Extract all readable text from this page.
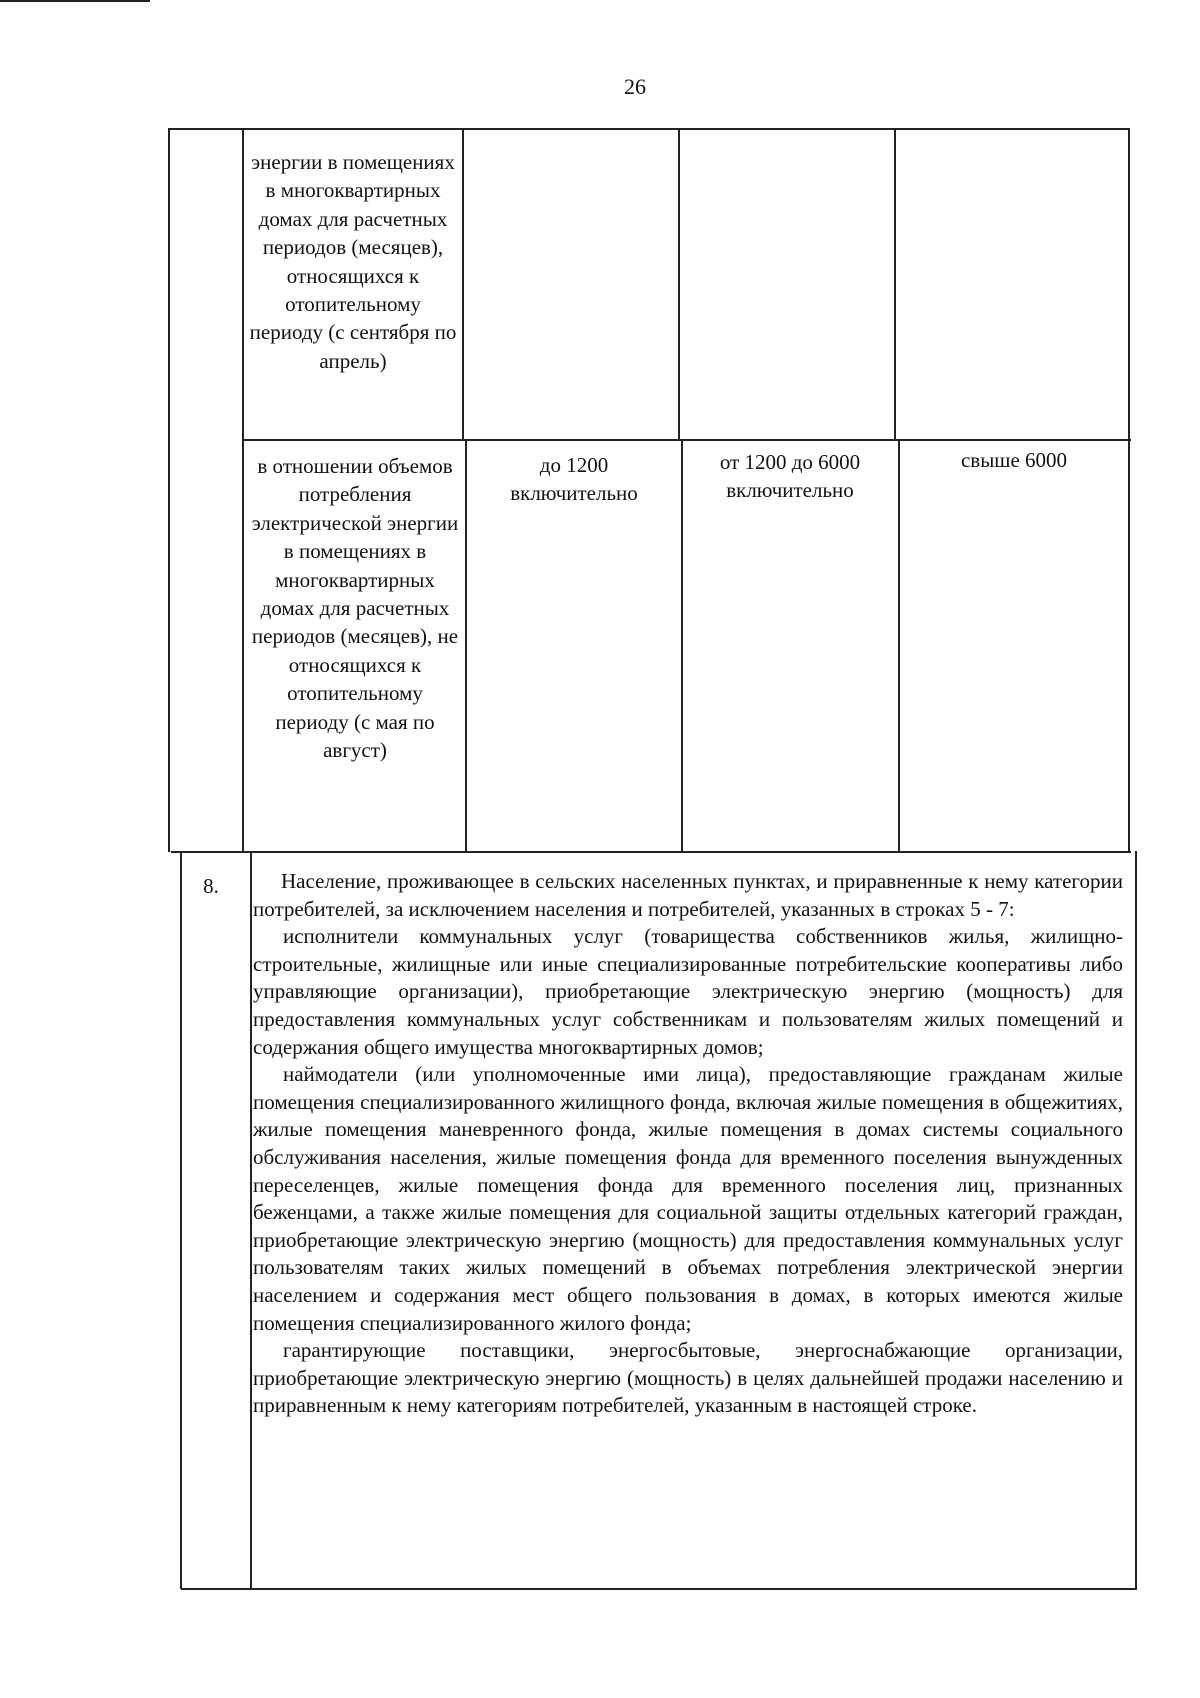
26
энергии в помещениях в многоквартирных домах для расчетных периодов (месяцев), относящихся к отопительному периоду (с сентября по апрель)
в отношении объемов потребления электрической энергии в помещениях в многоквартирных домах для расчетных периодов (месяцев), не относящихся к отопительному периоду (с мая по август)
до 1200 включительно
от 1200 до 6000 включительно
свыше 6000
8.	Население, проживающее в сельских населенных пунктах, и приравненные к нему категории потребителей, за исключением населения и потребителей, указанных в строках 5 - 7:

исполнители коммунальных услуг (товарищества собственников жилья, жилищно-строительные, жилищные или иные специализированные потребительские кооперативы либо управляющие организации), приобретающие электрическую энергию (мощность) для предоставления коммунальных услуг собственникам и пользователям жилых помещений и содержания общего имущества многоквартирных домов;

наймодатели (или уполномоченные ими лица), предоставляющие гражданам жилые помещения специализированного жилищного фонда, включая жилые помещения в общежитиях, жилые помещения маневренного фонда, жилые помещения в домах системы социального обслуживания населения, жилые помещения фонда для временного поселения вынужденных переселенцев, жилые помещения фонда для временного поселения лиц, признанных беженцами, а также жилые помещения для социальной защиты отдельных категорий граждан, приобретающие электрическую энергию (мощность) для предоставления коммунальных услуг пользователям таких жилых помещений в объемах потребления электрической энергии населением и содержания мест общего пользования в домах, в которых имеются жилые помещения специализированного жилого фонда;

гарантирующие поставщики, энергосбытовые, энергоснабжающие организации, приобретающие электрическую энергию (мощность) в целях дальнейшей продажи населению и приравненным к нему категориям потребителей, указанным в настоящей строке.
